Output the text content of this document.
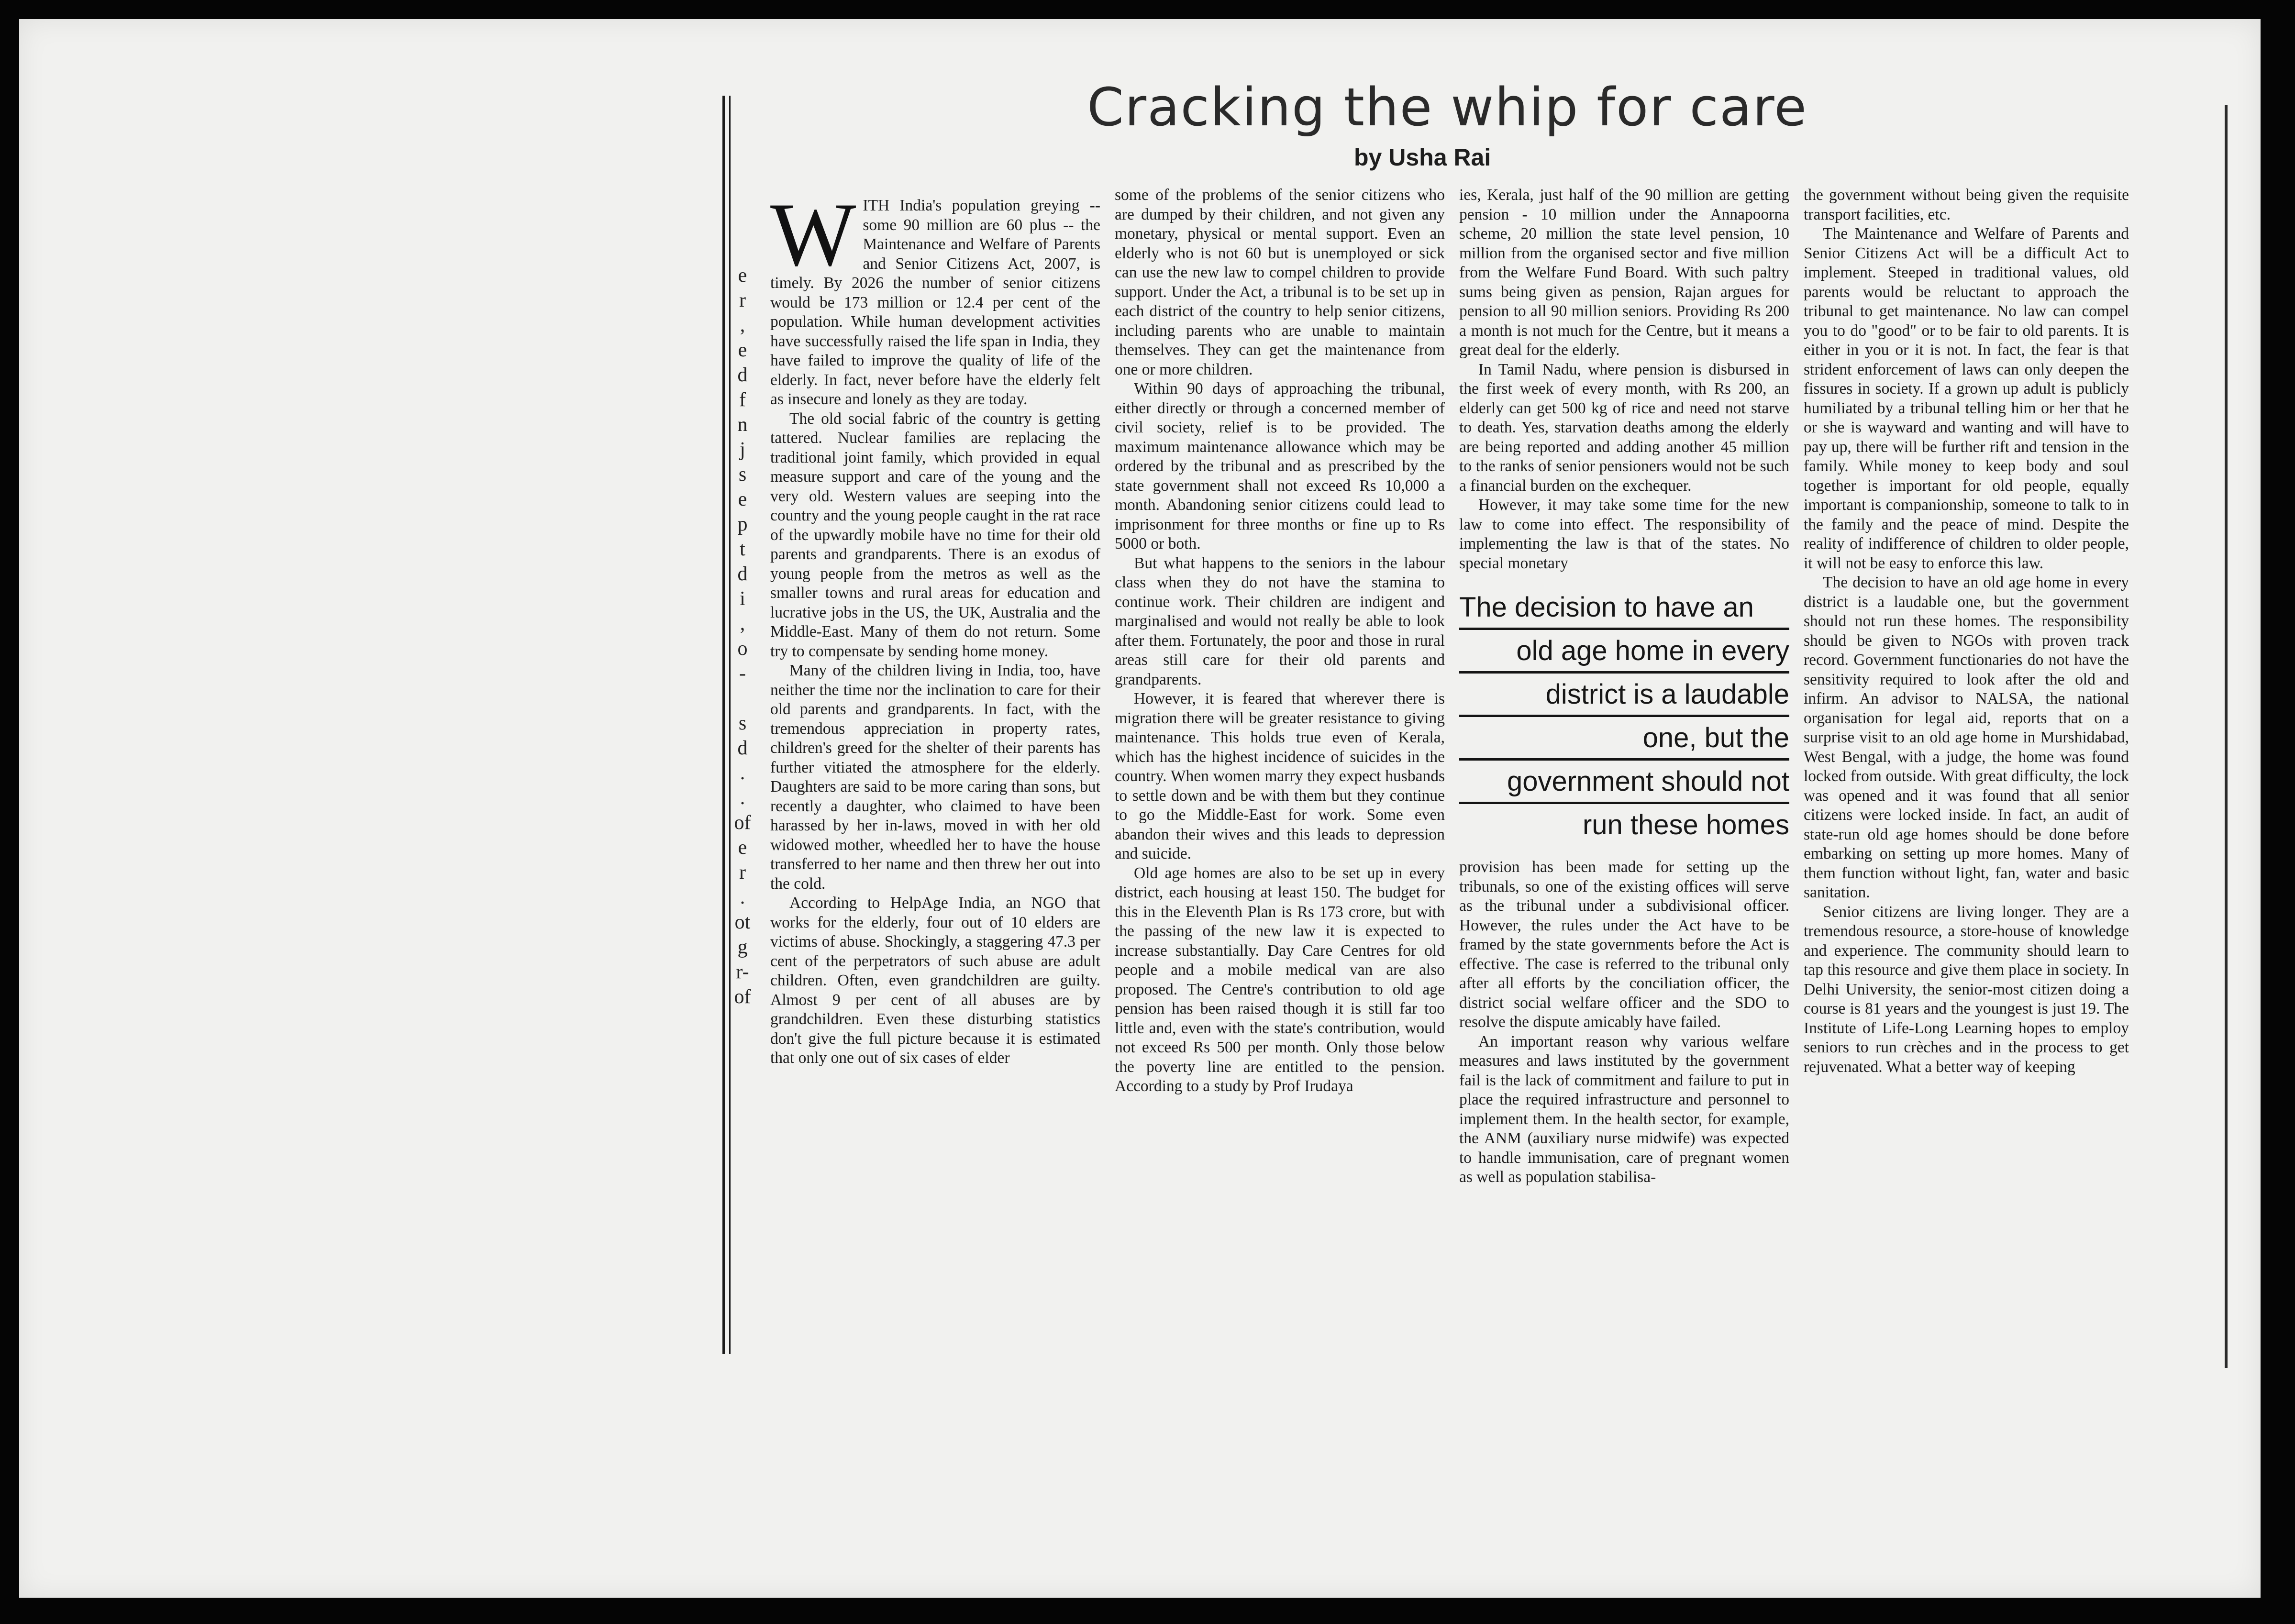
e
r
,
e
d
f
n
j
s
e
p
t
d
i
,
o
-

s
d
.
.
of
e
r
.
ot
g
r-
of
Cracking the whip for care
by Usha Rai

WITH India's population greying -- some 90 million are 60 plus -- the Maintenance and Welfare of Parents and Senior Citizens Act, 2007, is timely. By 2026 the number of senior citizens would be 173 million or 12.4 per cent of the population. While human development activities have successfully raised the life span in India, they have failed to improve the quality of life of the elderly. In fact, never before have the elderly felt as insecure and lonely as they are today.

The old social fabric of the country is getting tattered. Nuclear families are replacing the traditional joint family, which provided in equal measure support and care of the young and the very old. Western values are seeping into the country and the young people caught in the rat race of the upwardly mobile have no time for their old parents and grandparents. There is an exodus of young people from the metros as well as the smaller towns and rural areas for education and lucrative jobs in the US, the UK, Australia and the Middle-East. Many of them do not return. Some try to compensate by sending home money.

Many of the children living in India, too, have neither the time nor the inclination to care for their old parents and grandparents. In fact, with the tremendous appreciation in property rates, children's greed for the shelter of their parents has further vitiated the atmosphere for the elderly. Daughters are said to be more caring than sons, but recently a daughter, who claimed to have been harassed by her in-laws, moved in with her old widowed mother, wheedled her to have the house transferred to her name and then threw her out into the cold.

According to HelpAge India, an NGO that works for the elderly, four out of 10 elders are victims of abuse. Shockingly, a staggering 47.3 per cent of the perpetrators of such abuse are adult children. Often, even grandchildren are guilty. Almost 9 per cent of all abuses are by grandchildren. Even these disturbing statistics don't give the full picture because it is estimated that only one out of six cases of elder

some of the problems of the senior citizens who are dumped by their children, and not given any monetary, physical or mental support. Even an elderly who is not 60 but is unemployed or sick can use the new law to compel children to provide support. Under the Act, a tribunal is to be set up in each district of the country to help senior citizens, including parents who are unable to maintain themselves. They can get the maintenance from one or more children.

Within 90 days of approaching the tribunal, either directly or through a concerned member of civil society, relief is to be provided. The maximum maintenance allowance which may be ordered by the tribunal and as prescribed by the state government shall not exceed Rs 10,000 a month. Abandoning senior citizens could lead to imprisonment for three months or fine up to Rs 5000 or both.

But what happens to the seniors in the labour class when they do not have the stamina to continue work. Their children are indigent and marginalised and would not really be able to look after them. Fortunately, the poor and those in rural areas still care for their old parents and grandparents.

However, it is feared that wherever there is migration there will be greater resistance to giving maintenance. This holds true even of Kerala, which has the highest incidence of suicides in the country. When women marry they expect husbands to settle down and be with them but they continue to go the Middle-East for work. Some even abandon their wives and this leads to depression and suicide.

Old age homes are also to be set up in every district, each housing at least 150. The budget for this in the Eleventh Plan is Rs 173 crore, but with the passing of the new law it is expected to increase substantially. Day Care Centres for old people and a mobile medical van are also proposed. The Centre's contribution to old age pension has been raised though it is still far too little and, even with the state's contribution, would not exceed Rs 500 per month. Only those below the poverty line are entitled to the pension. According to a study by Prof Irudaya

ies, Kerala, just half of the 90 million are getting pension - 10 million under the Annapoorna scheme, 20 million the state level pension, 10 million from the organised sector and five million from the Welfare Fund Board. With such paltry sums being given as pension, Rajan argues for pension to all 90 million seniors. Providing Rs 200 a month is not much for the Centre, but it means a great deal for the elderly.

In Tamil Nadu, where pension is disbursed in the first week of every month, with Rs 200, an elderly can get 500 kg of rice and need not starve to death. Yes, starvation deaths among the elderly are being reported and adding another 45 million to the ranks of senior pensioners would not be such a financial burden on the exchequer.

However, it may take some time for the new law to come into effect. The responsibility of implementing the law is that of the states. No special monetary

The decision to have an
old age home in every
district is a laudable
one, but the
government should not
run these homes

provision has been made for setting up the tribunals, so one of the existing offices will serve as the tribunal under a subdivisional officer. However, the rules under the Act have to be framed by the state governments before the Act is effective. The case is referred to the tribunal only after all efforts by the conciliation officer, the district social welfare officer and the SDO to resolve the dispute amicably have failed.

An important reason why various welfare measures and laws instituted by the government fail is the lack of commitment and failure to put in place the required infrastructure and personnel to implement them. In the health sector, for example, the ANM (auxiliary nurse midwife) was expected to handle immunisation, care of pregnant women as well as population stabilisa-

the government without being given the requisite transport facilities, etc.

The Maintenance and Welfare of Parents and Senior Citizens Act will be a difficult Act to implement. Steeped in traditional values, old parents would be reluctant to approach the tribunal to get maintenance. No law can compel you to do "good" or to be fair to old parents. It is either in you or it is not. In fact, the fear is that strident enforcement of laws can only deepen the fissures in society. If a grown up adult is publicly humiliated by a tribunal telling him or her that he or she is wayward and wanting and will have to pay up, there will be further rift and tension in the family. While money to keep body and soul together is important for old people, equally important is companionship, someone to talk to in the family and the peace of mind. Despite the reality of indifference of children to older people, it will not be easy to enforce this law.

The decision to have an old age home in every district is a laudable one, but the government should not run these homes. The responsibility should be given to NGOs with proven track record. Government functionaries do not have the sensitivity required to look after the old and infirm. An advisor to NALSA, the national organisation for legal aid, reports that on a surprise visit to an old age home in Murshidabad, West Bengal, with a judge, the home was found locked from outside. With great difficulty, the lock was opened and it was found that all senior citizens were locked inside. In fact, an audit of state-run old age homes should be done before embarking on setting up more homes. Many of them function without light, fan, water and basic sanitation.

Senior citizens are living longer. They are a tremendous resource, a store-house of knowledge and experience. The community should learn to tap this resource and give them place in society. In Delhi University, the senior-most citizen doing a course is 81 years and the youngest is just 19. The Institute of Life-Long Learning hopes to employ seniors to run crèches and in the process to get rejuvenated. What a better way of keeping
